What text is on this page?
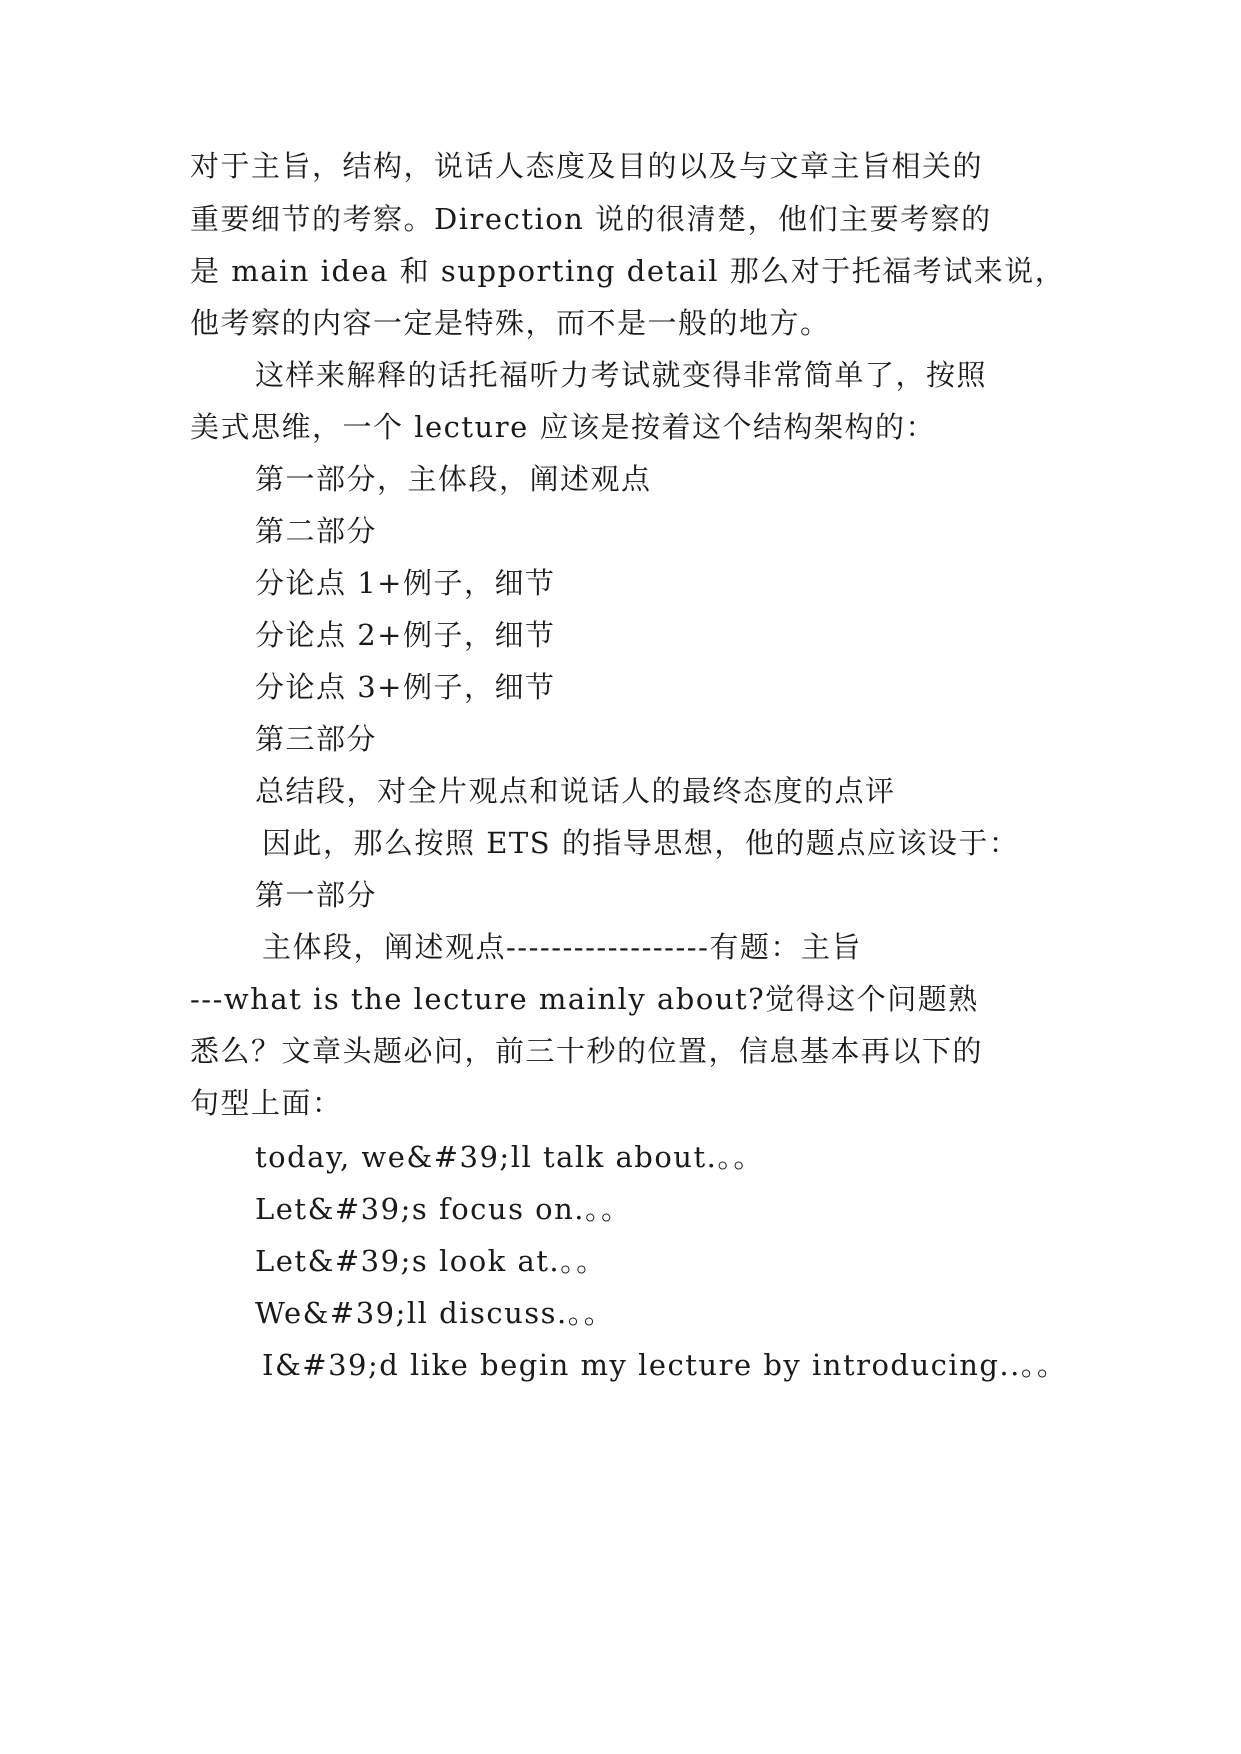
对于主旨，结构，说话人态度及目的以及与文章主旨相关的
重要细节的考察。Direction 说的很清楚，他们主要考察的
是 main idea 和 supporting detail 那么对于托福考试来说，
他考察的内容一定是特殊，而不是一般的地方。
这样来解释的话托福听力考试就变得非常简单了，按照
美式思维，一个 lecture 应该是按着这个结构架构的：
第一部分，主体段，阐述观点
第二部分
分论点 1+例子，细节
分论点 2+例子，细节
分论点 3+例子，细节
第三部分
总结段，对全片观点和说话人的最终态度的点评
因此，那么按照 ETS 的指导思想，他的题点应该设于：
第一部分
主体段，阐述观点------------------有题：主旨
---what is the lecture mainly about?觉得这个问题熟
悉么？文章头题必问，前三十秒的位置，信息基本再以下的
句型上面：
today, we&#39;ll talk about.。。
Let&#39;s focus on.。。
Let&#39;s look at.。。
We&#39;ll discuss.。。
I&#39;d like begin my lecture by introducing..。。
